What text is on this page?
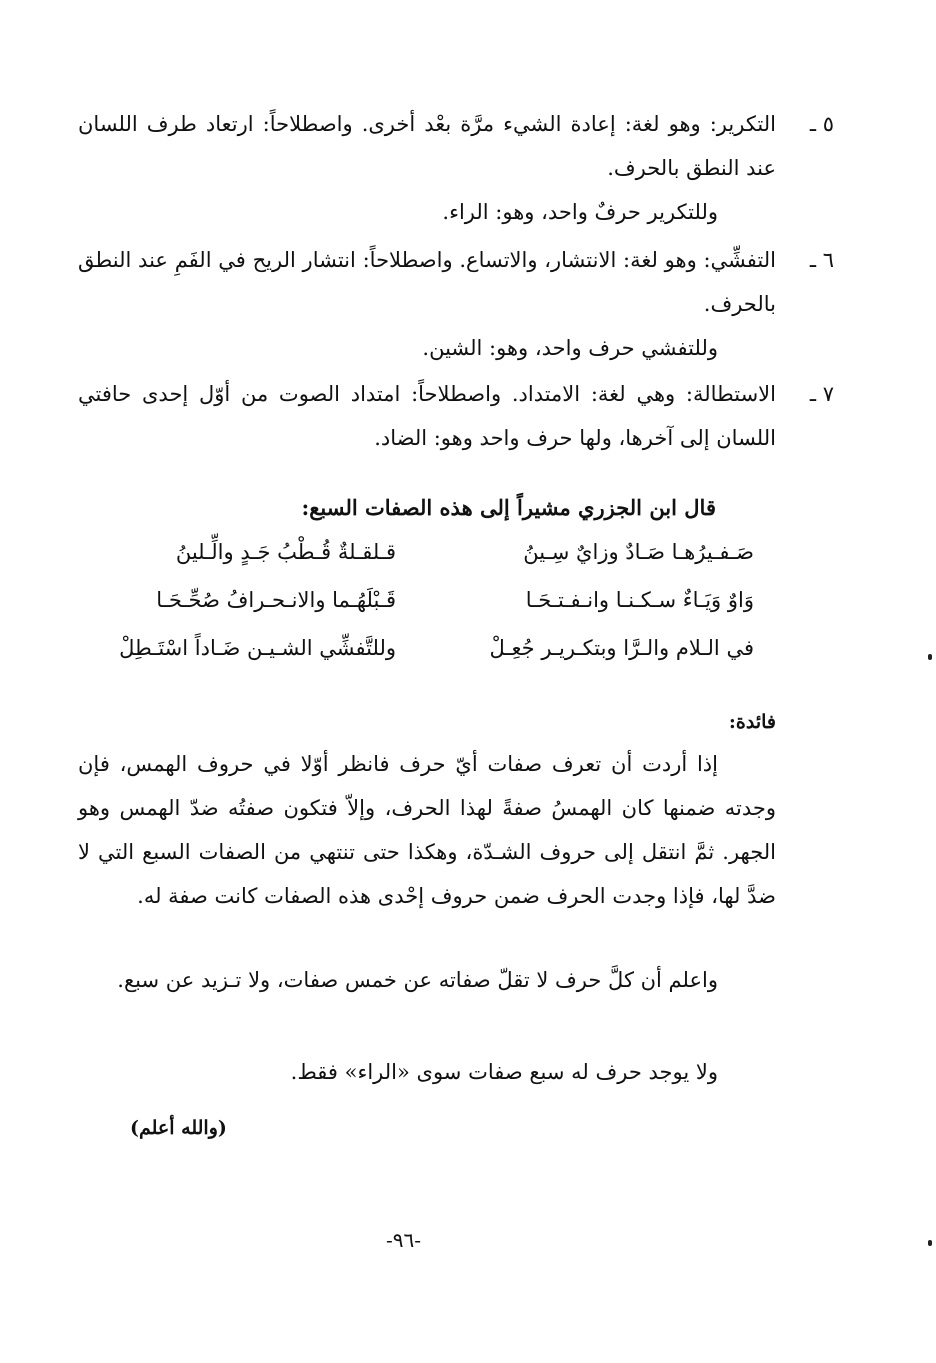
٥ ـ

التكرير: وهو لغة: إعادة الشيء مرَّة بعْد أخرى. واصطلاحاً: ارتعاد طرف اللسان عند النطق بالحرف.

وللتكرير حرفٌ واحد، وهو: الراء.

٦ ـ

التفشِّي: وهو لغة: الانتشار، والاتساع. واصطلاحاً: انتشار الريح في الفَمِ عند النطق بالحرف.

وللتفشي حرف واحد، وهو: الشين.

٧ ـ

الاستطالة: وهي لغة: الامتداد. واصطلاحاً: امتداد الصوت من أوّل إحدى حافتي اللسان إلى آخرها، ولها حرف واحد وهو: الضاد.

قال ابن الجزري مشيراً إلى هذه الصفات السبع:
صَـفـيرُهـا صَـادٌ وزايٌ سِـينُ
قـلقـلةٌ قُـطْبُ جَـدٍ والِّـلينُ
وَاوٌ وَيَـاءٌ سـكـنـا وانـفـتـحَـا
قَـبْلَهُـما والانـحـرافُ صُحِّـحَـا
في الـلام والـرَّا وبتكـريـر جُعِـلْ
وللتَّفشِّي الشـيـن ضَـاداً اسْتَـطِلْ
فائدة:

إذا أردت أن تعرف صفات أيّ حرف فانظر أوّلا في حروف الهمس، فإن وجدته ضمنها كان الهمسُ صفةً لهذا الحرف، وإلاّ فتكون صفتُه ضدّ الهمس وهو الجهر. ثمَّ انتقل إلى حروف الشـدّة، وهكذا حتى تنتهي من الصفات السبع التي لا ضدَّ لها، فإذا وجدت الحرف ضمن حروف إحْدى هذه الصفات كانت صفة له.

واعلم أن كلَّ حرف لا تقلّ صفاته عن خمس صفات، ولا تـزيد عن سبع.

ولا يوجد حرف له سبع صفات سوى «الراء» فقط.

(والله أعلم)
-٩٦-
